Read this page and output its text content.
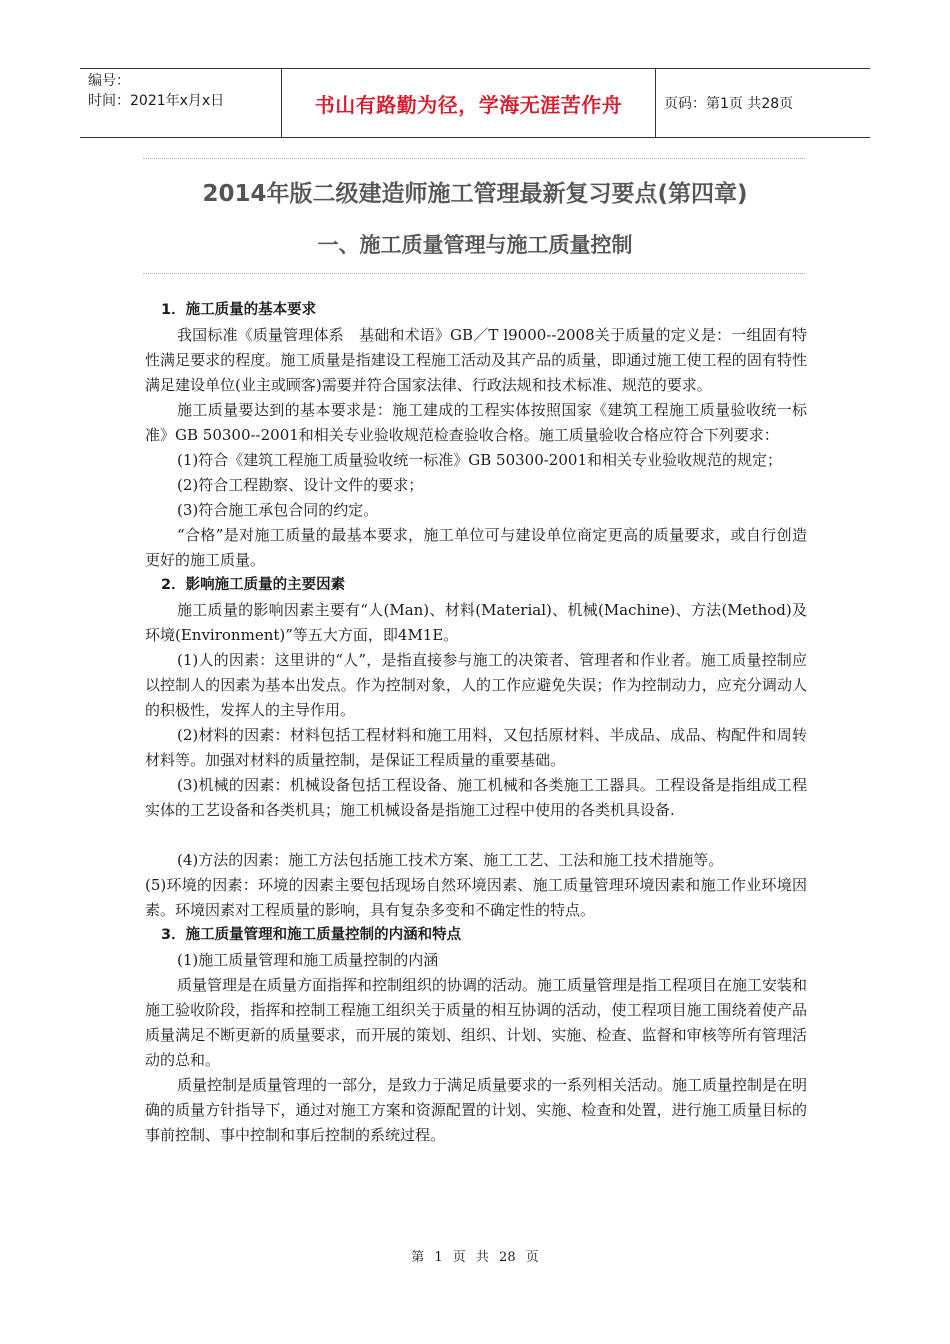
编号：
时间：2021年x月x日	书山有路勤为径，学海无涯苦作舟	页码：第1页 共28页
2014年版二级建造师施工管理最新复习要点(第四章)
一、施工质量管理与施工质量控制

1．施工质量的基本要求

我国标准《质量管理体系　基础和术语》GB／T l9000--2008关于质量的定义是：一组固有特性满足要求的程度。施工质量是指建设工程施工活动及其产品的质量，即通过施工使工程的固有特性满足建设单位(业主或顾客)需要并符合国家法律、行政法规和技术标准、规范的要求。

施工质量要达到的基本要求是：施工建成的工程实体按照国家《建筑工程施工质量验收统一标准》GB 50300--2001和相关专业验收规范检查验收合格。施工质量验收合格应符合下列要求：

(1)符合《建筑工程施工质量验收统一标准》GB 50300-2001和相关专业验收规范的规定；

(2)符合工程勘察、设计文件的要求；

(3)符合施工承包合同的约定。

“合格”是对施工质量的最基本要求，施工单位可与建设单位商定更高的质量要求，或自行创造更好的施工质量。

2．影响施工质量的主要因素

施工质量的影响因素主要有“人(Man)、材料(Material)、机械(Machine)、方法(Method)及环境(Environment)”等五大方面，即4M1E。

(1)人的因素：这里讲的“人”，是指直接参与施工的决策者、管理者和作业者。施工质量控制应以控制人的因素为基本出发点。作为控制对象，人的工作应避免失误；作为控制动力，应充分调动人的积极性，发挥人的主导作用。

(2)材料的因素：材料包括工程材料和施工用料，又包括原材料、半成品、成品、构配件和周转材料等。加强对材料的质量控制，是保证工程质量的重要基础。

(3)机械的因素：机械设备包括工程设备、施工机械和各类施工工器具。工程设备是指组成工程实体的工艺设备和各类机具；施工机械设备是指施工过程中使用的各类机具设备.

(4)方法的因素：施工方法包括施工技术方案、施工工艺、工法和施工技术措施等。

(5)环境的因素：环境的因素主要包括现场自然环境因素、施工质量管理环境因素和施工作业环境因素。环境因素对工程质量的影响，具有复杂多变和不确定性的特点。

3．施工质量管理和施工质量控制的内涵和特点

(1)施工质量管理和施工质量控制的内涵

质量管理是在质量方面指挥和控制组织的协调的活动。施工质量管理是指工程项目在施工安装和施工验收阶段，指挥和控制工程施工组织关于质量的相互协调的活动，使工程项目施工围绕着使产品质量满足不断更新的质量要求，而开展的策划、组织、计划、实施、检查、监督和审核等所有管理活动的总和。

质量控制是质量管理的一部分，是致力于满足质量要求的一系列相关活动。施工质量控制是在明确的质量方针指导下，通过对施工方案和资源配置的计划、实施、检查和处置，进行施工质量目标的事前控制、事中控制和事后控制的系统过程。

第 1 页 共 28 页
